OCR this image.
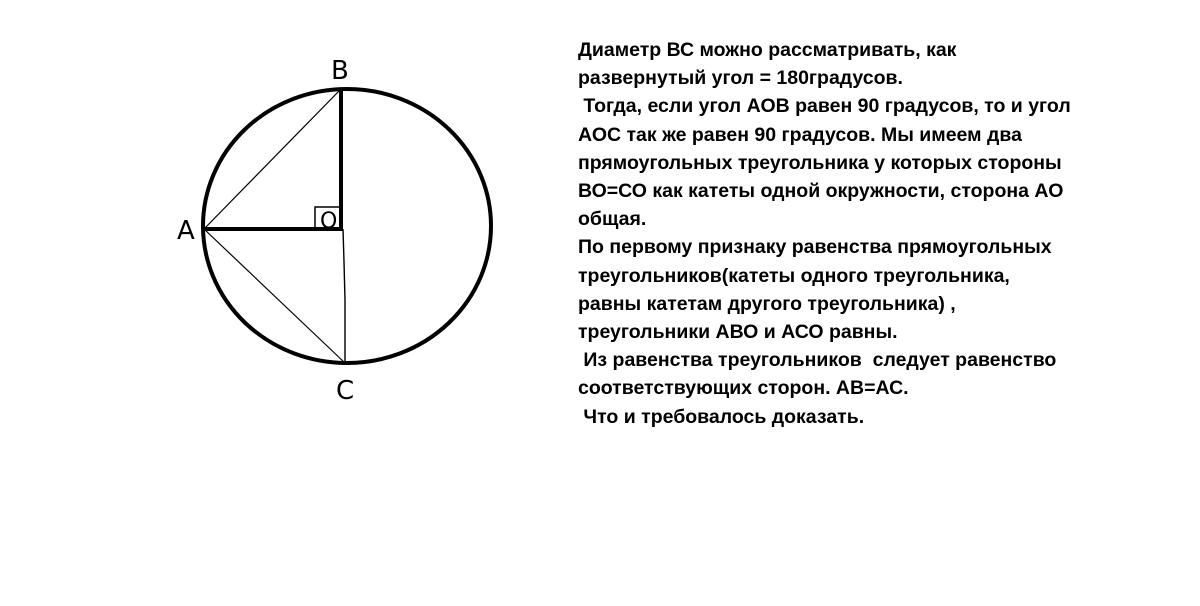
A
B
C
O
Диаметр ВС можно рассматривать, как
развернутый угол = 180градусов.
Тогда, если угол АОВ равен 90 градусов, то и угол
АОС так же равен 90 градусов. Мы имеем два
прямоугольных треугольника у которых стороны
ВО=СО как катеты одной окружности, сторона АО
общая.
По первому признаку равенства прямоугольных
треугольников(катеты одного треугольника,
равны катетам другого треугольника) ,
треугольники АВО и АСО равны.
Из равенства треугольников  следует равенство
соответствующих сторон. АВ=АС.
Что и требовалось доказать.
